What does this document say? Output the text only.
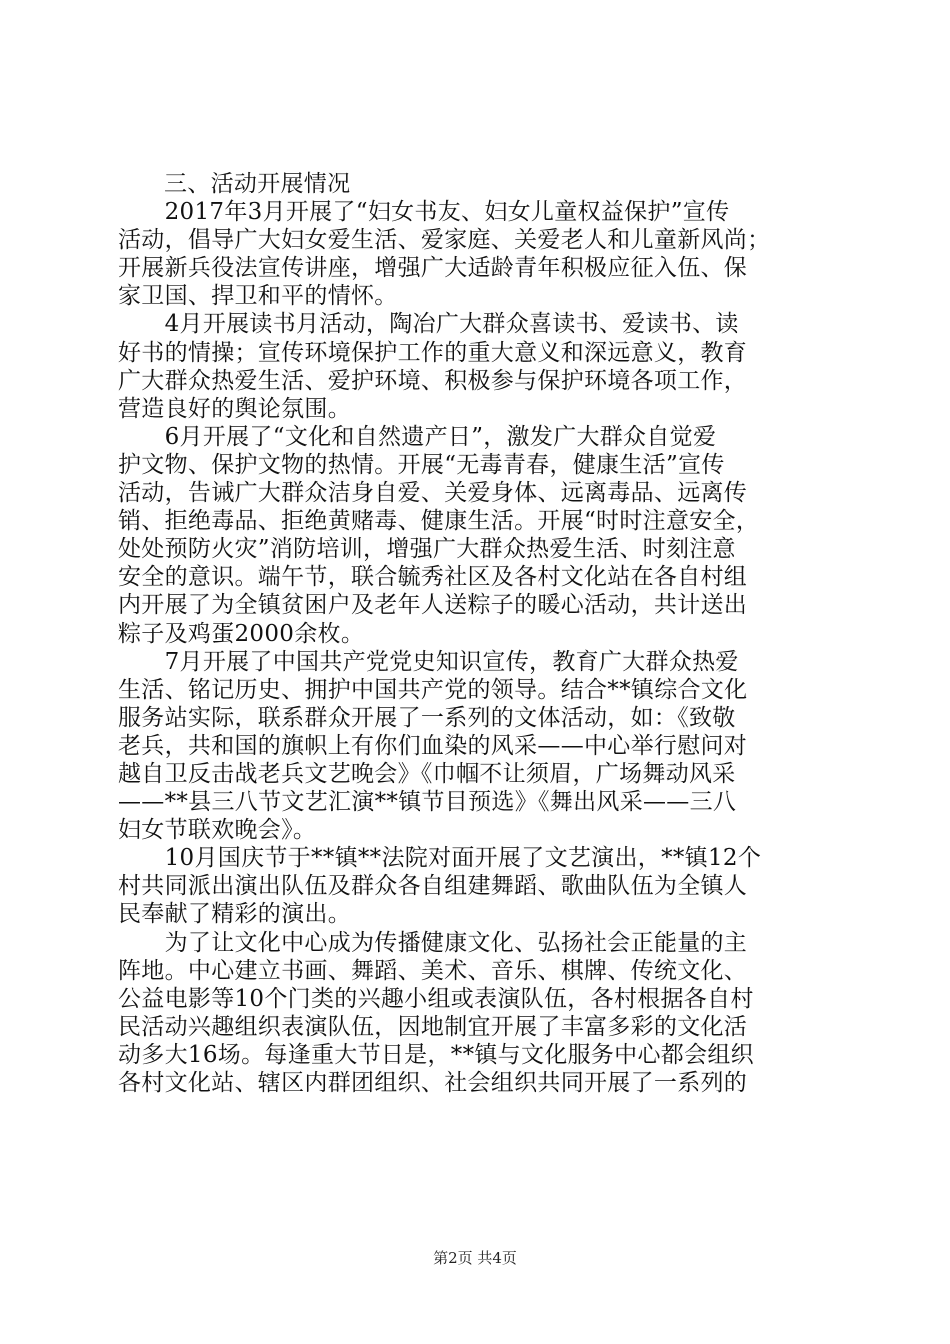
三、活动开展情况
　　2017年3月开展了“妇女书友、妇女儿童权益保护”宣传
活动，倡导广大妇女爱生活、爱家庭、关爱老人和儿童新风尚；
开展新兵役法宣传讲座，增强广大适龄青年积极应征入伍、保
家卫国、捍卫和平的情怀。
　　4月开展读书月活动，陶冶广大群众喜读书、爱读书、读
好书的情操；宣传环境保护工作的重大意义和深远意义，教育
广大群众热爱生活、爱护环境、积极参与保护环境各项工作，
营造良好的舆论氛围。
　　6月开展了“文化和自然遗产日”，激发广大群众自觉爱
护文物、保护文物的热情。开展“无毒青春，健康生活”宣传
活动，告诫广大群众洁身自爱、关爱身体、远离毒品、远离传
销、拒绝毒品、拒绝黄赌毒、健康生活。开展“时时注意安全，
处处预防火灾”消防培训，增强广大群众热爱生活、时刻注意
安全的意识。端午节，联合毓秀社区及各村文化站在各自村组
内开展了为全镇贫困户及老年人送粽子的暖心活动，共计送出
粽子及鸡蛋2000余枚。
　　7月开展了中国共产党党史知识宣传，教育广大群众热爱
生活、铭记历史、拥护中国共产党的领导。结合**镇综合文化
服务站实际，联系群众开展了一系列的文体活动，如：《致敬
老兵，共和国的旗帜上有你们血染的风采——中心举行慰问对
越自卫反击战老兵文艺晚会》《巾帼不让须眉，广场舞动风采
——**县三八节文艺汇演**镇节目预选》《舞出风采——三八
妇女节联欢晚会》。
　　10月国庆节于**镇**法院对面开展了文艺演出，**镇12个
村共同派出演出队伍及群众各自组建舞蹈、歌曲队伍为全镇人
民奉献了精彩的演出。
　　为了让文化中心成为传播健康文化、弘扬社会正能量的主
阵地。中心建立书画、舞蹈、美术、音乐、棋牌、传统文化、
公益电影等10个门类的兴趣小组或表演队伍，各村根据各自村
民活动兴趣组织表演队伍，因地制宜开展了丰富多彩的文化活
动多大16场。每逢重大节日是，**镇与文化服务中心都会组织
各村文化站、辖区内群团组织、社会组织共同开展了一系列的
第2页 共4页
